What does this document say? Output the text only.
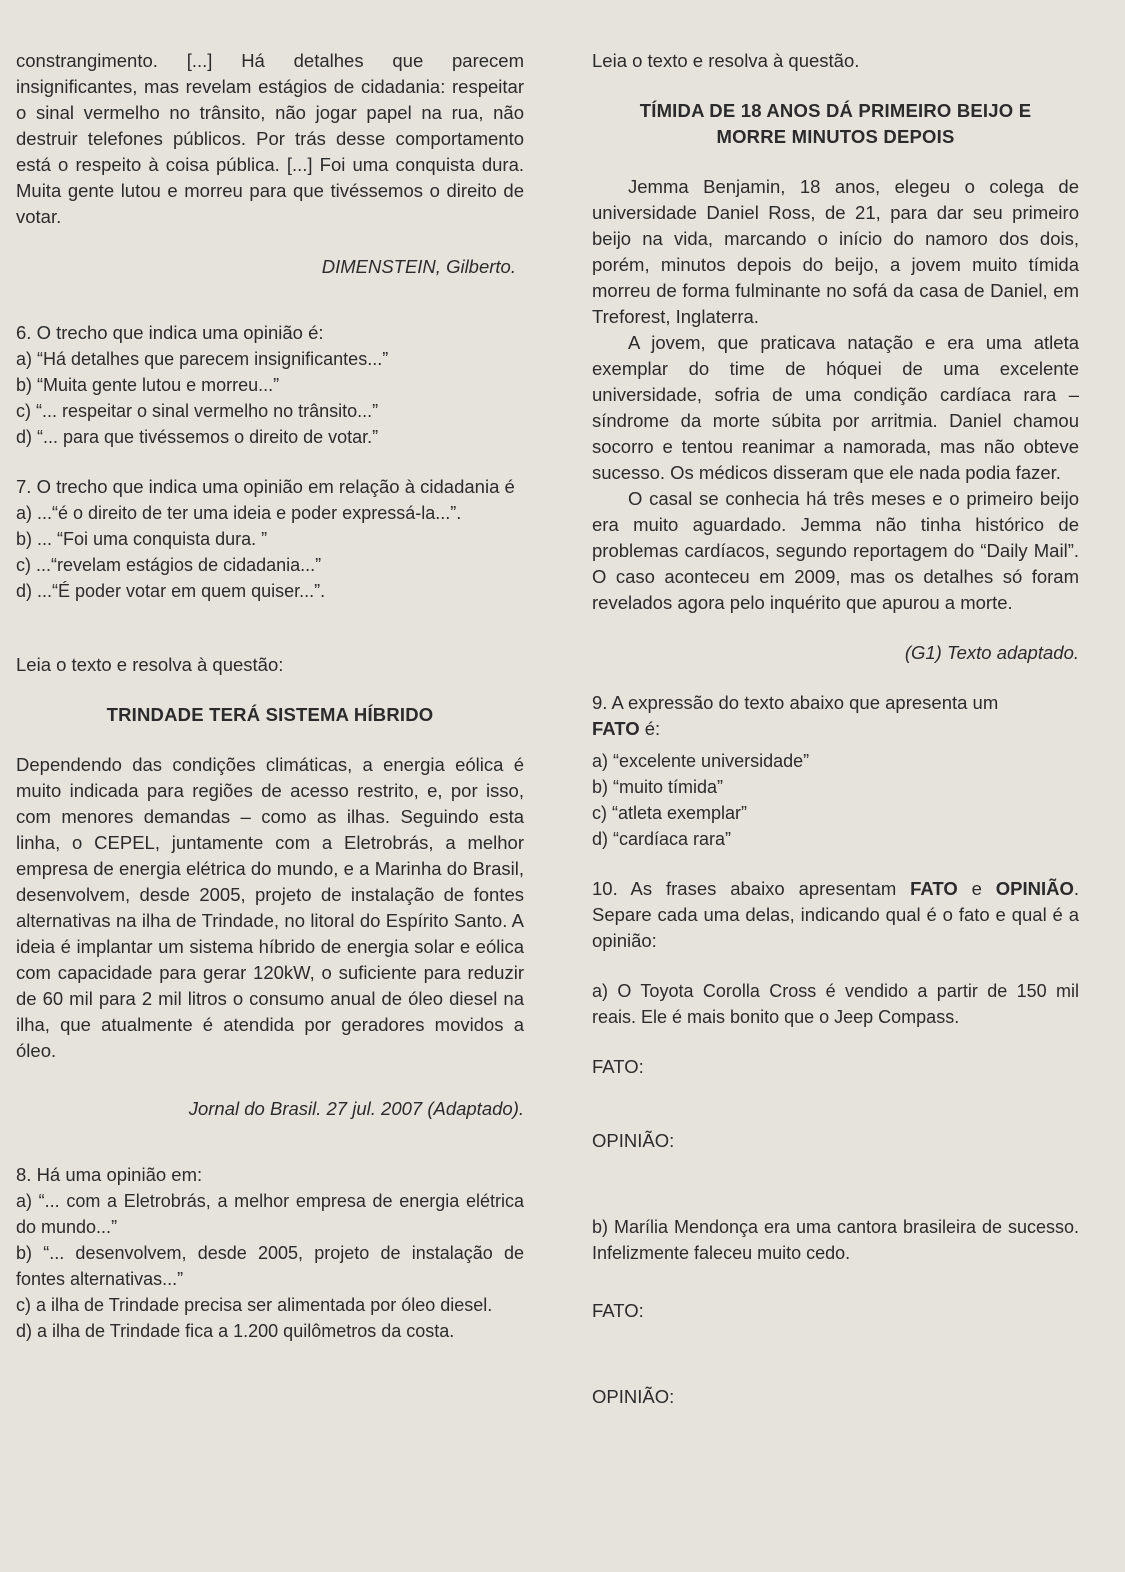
constrangimento. [...] Há detalhes que parecem insignificantes, mas revelam estágios de cidadania: respeitar o sinal vermelho no trânsito, não jogar papel na rua, não destruir telefones públicos. Por trás desse comportamento está o respeito à coisa pública. [...] Foi uma conquista dura. Muita gente lutou e morreu para que tivéssemos o direito de votar.

DIMENSTEIN, Gilberto.

6. O trecho que indica uma opinião é:

a) “Há detalhes que parecem insignificantes...”

b) “Muita gente lutou e morreu...”

c) “... respeitar o sinal vermelho no trânsito...”

d) “... para que tivéssemos o direito de votar.”

7. O trecho que indica uma opinião em relação à cidadania é

a) ...“é o direito de ter uma ideia e poder expressá-la...”.

b) ... “Foi uma conquista dura. ”

c) ...“revelam estágios de cidadania...”

d) ...“É poder votar em quem quiser...”.

Leia o texto e resolva à questão:

TRINDADE TERÁ SISTEMA HÍBRIDO

Dependendo das condições climáticas, a energia eólica é muito indicada para regiões de acesso restrito, e, por isso, com menores demandas – como as ilhas. Seguindo esta linha, o CEPEL, juntamente com a Eletrobrás, a melhor empresa de energia elétrica do mundo, e a Marinha do Brasil, desenvolvem, desde 2005, projeto de instalação de fontes alternativas na ilha de Trindade, no litoral do Espírito Santo. A ideia é implantar um sistema híbrido de energia solar e eólica com capacidade para gerar 120kW, o suficiente para reduzir de 60 mil para 2 mil litros o consumo anual de óleo diesel na ilha, que atualmente é atendida por geradores movidos a óleo.

Jornal do Brasil. 27 jul. 2007 (Adaptado).

8. Há uma opinião em:

a) “... com a Eletrobrás, a melhor empresa de energia elétrica do mundo...”

b) “... desenvolvem, desde 2005, projeto de instalação de fontes alternativas...”

c) a ilha de Trindade precisa ser alimentada por óleo diesel.

d) a ilha de Trindade fica a 1.200 quilômetros da costa.

Leia o texto e resolva à questão.

TÍMIDA DE 18 ANOS DÁ PRIMEIRO BEIJO E

MORRE MINUTOS DEPOIS

Jemma Benjamin, 18 anos, elegeu o colega de universidade Daniel Ross, de 21, para dar seu primeiro beijo na vida, marcando o início do namoro dos dois, porém, minutos depois do beijo, a jovem muito tímida morreu de forma fulminante no sofá da casa de Daniel, em Treforest, Inglaterra.

A jovem, que praticava natação e era uma atleta exemplar do time de hóquei de uma excelente universidade, sofria de uma condição cardíaca rara – síndrome da morte súbita por arritmia. Daniel chamou socorro e tentou reanimar a namorada, mas não obteve sucesso. Os médicos disseram que ele nada podia fazer.

O casal se conhecia há três meses e o primeiro beijo era muito aguardado. Jemma não tinha histórico de problemas cardíacos, segundo reportagem do “Daily Mail”. O caso aconteceu em 2009, mas os detalhes só foram revelados agora pelo inquérito que apurou a morte.

(G1) Texto adaptado.

9. A expressão do texto abaixo que apresenta um

FATO é:

a) “excelente universidade”

b) “muito tímida”

c) “atleta exemplar”

d) “cardíaca rara”

10. As frases abaixo apresentam FATO e OPINIÃO. Separe cada uma delas, indicando qual é o fato e qual é a opinião:

a) O Toyota Corolla Cross é vendido a partir de 150 mil reais. Ele é mais bonito que o Jeep Compass.

FATO:

OPINIÃO:

b) Marília Mendonça era uma cantora brasileira de sucesso. Infelizmente faleceu muito cedo.

FATO:

OPINIÃO:
